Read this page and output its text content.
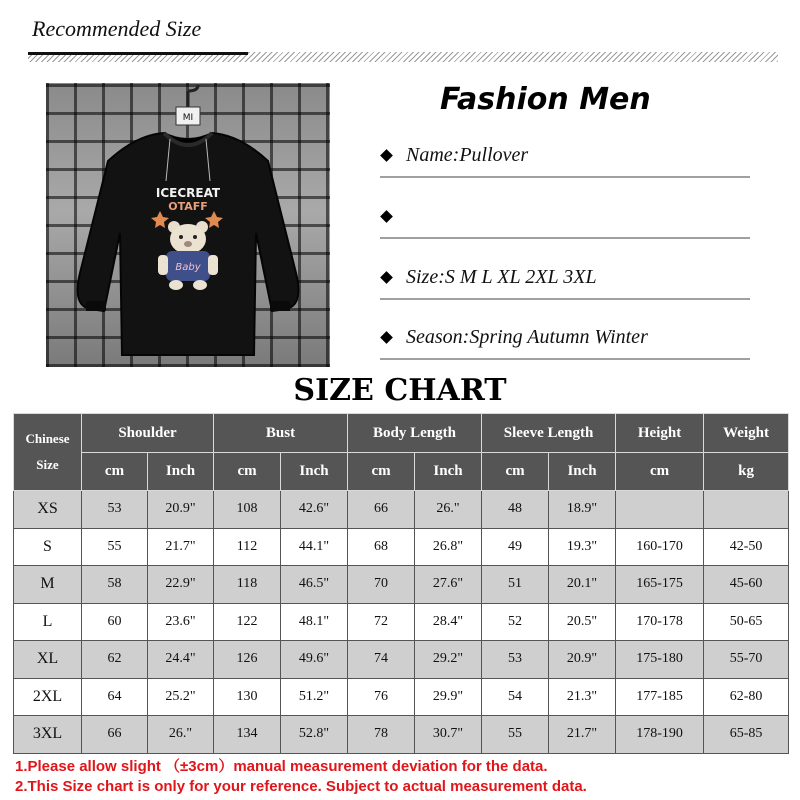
Recommended Size
MI
ICECREAT
OTAFF
Baby
Fashion Men
Name:Pullover
Size:S M L XL 2XL 3XL
Season:Spring Autumn Winter
SIZE CHART
Chinese Size	Shoulder		Bust		Body Length		Sleeve Length		Height	Weight
	cm	Inch	cm	Inch	cm	Inch	cm	Inch	cm	kg
XS	53	20.9"	108	42.6"	66	26."	48	18.9"		
S	55	21.7"	112	44.1"	68	26.8"	49	19.3"	160-170	42-50
M	58	22.9"	118	46.5"	70	27.6"	51	20.1"	165-175	45-60
L	60	23.6"	122	48.1"	72	28.4"	52	20.5"	170-178	50-65
XL	62	24.4"	126	49.6"	74	29.2"	53	20.9"	175-180	55-70
2XL	64	25.2"	130	51.2"	76	29.9"	54	21.3"	177-185	62-80
3XL	66	26."	134	52.8"	78	30.7"	55	21.7"	178-190	65-85
1.Please allow slight （±3cm）manual measurement deviation for the data.
2.This Size chart is only for your reference. Subject to actual measurement data.
